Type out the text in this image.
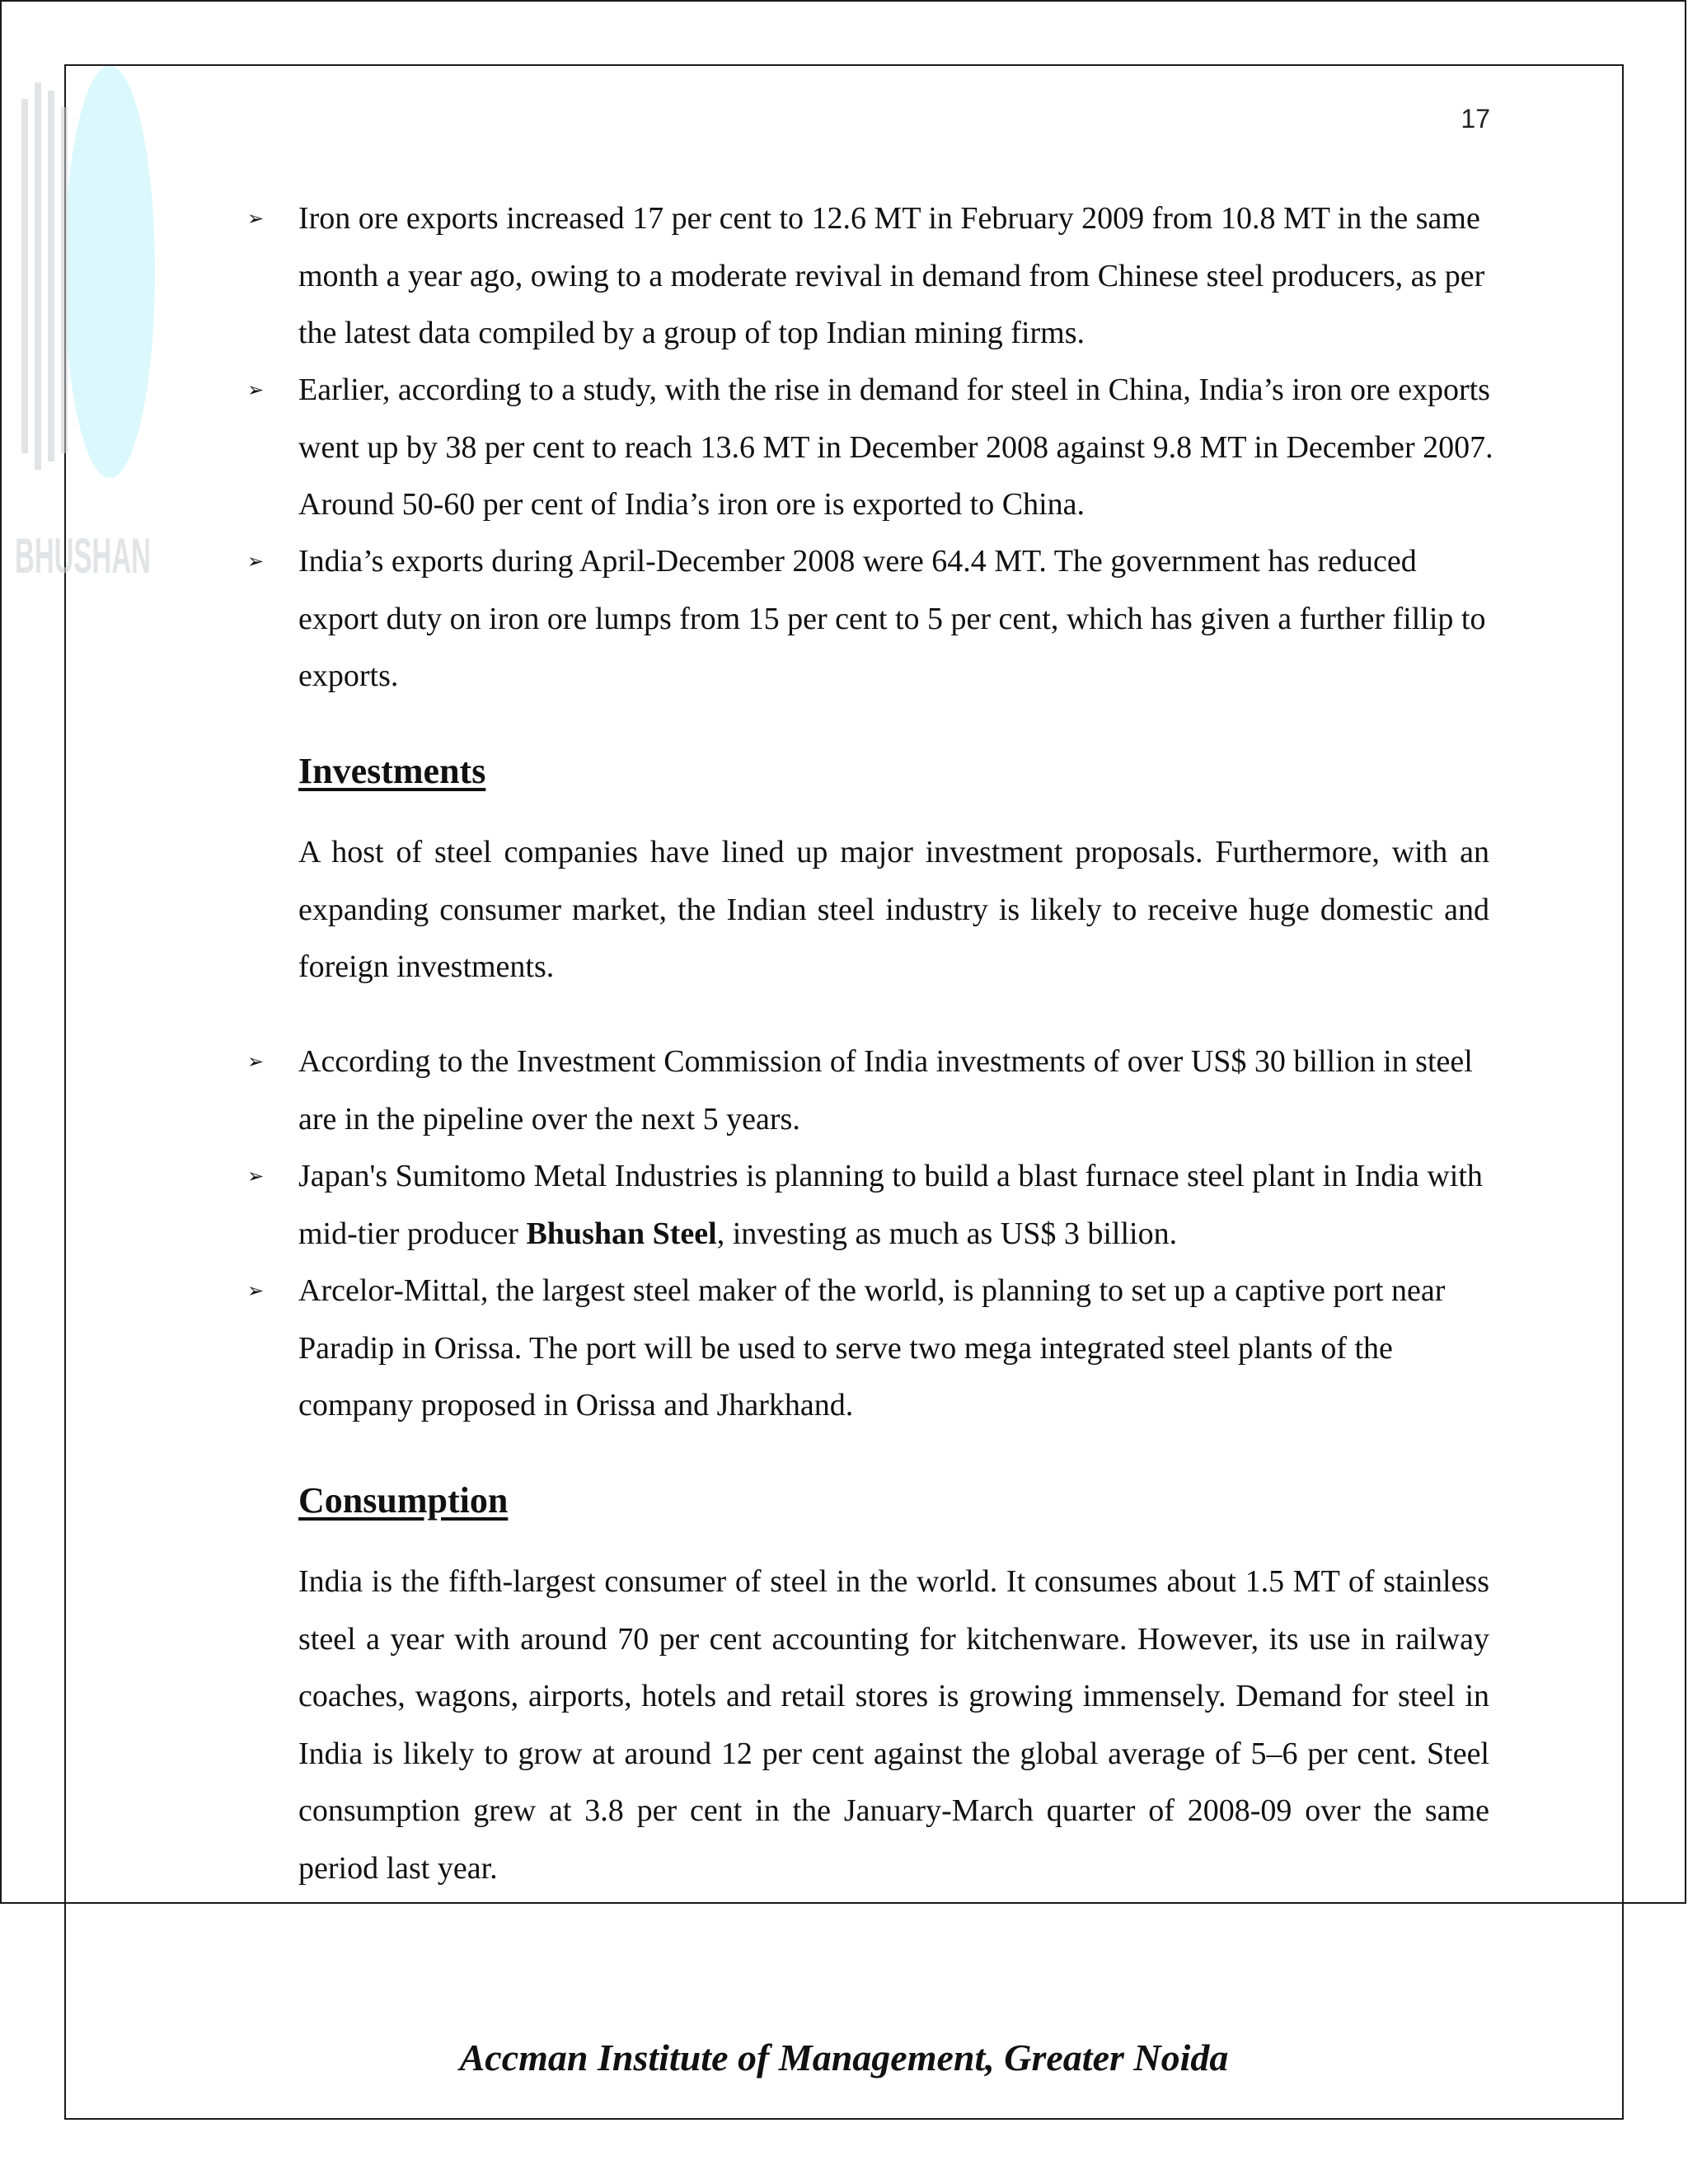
BHUSHAN
17
➢ Iron ore exports increased 17 per cent to 12.6 MT in February 2009 from 10.8 MT in the same month a year ago, owing to a moderate revival in demand from Chinese steel producers, as per the latest data compiled by a group of top Indian mining firms.
➢ Earlier, according to a study, with the rise in demand for steel in China, India’s iron ore exports went up by 38 per cent to reach 13.6 MT in December 2008 against 9.8 MT in December 2007. Around 50-60 per cent of India’s iron ore is exported to China.
➢ India’s exports during April-December 2008 were 64.4 MT. The government has reduced export duty on iron ore lumps from 15 per cent to 5 per cent, which has given a further fillip to exports.
Investments
A host of steel companies have lined up major investment proposals. Furthermore, with an expanding consumer market, the Indian steel industry is likely to receive huge domestic and foreign investments.
➢ According to the Investment Commission of India investments of over US$ 30 billion in steel are in the pipeline over the next 5 years.
➢ Japan's Sumitomo Metal Industries is planning to build a blast furnace steel plant in India with mid-tier producer Bhushan Steel, investing as much as US$ 3 billion.
➢ Arcelor-Mittal, the largest steel maker of the world, is planning to set up a captive port near Paradip in Orissa. The port will be used to serve two mega integrated steel plants of the company proposed in Orissa and Jharkhand.
Consumption
India is the fifth-largest consumer of steel in the world. It consumes about 1.5 MT of stainless steel a year with around 70 per cent accounting for kitchenware. However, its use in railway coaches, wagons, airports, hotels and retail stores is growing immensely. Demand for steel in India is likely to grow at around 12 per cent against the global average of 5–6 per cent. Steel consumption grew at 3.8 per cent in the January-March quarter of 2008-09 over the same period last year.
Accman Institute of Management, Greater Noida
